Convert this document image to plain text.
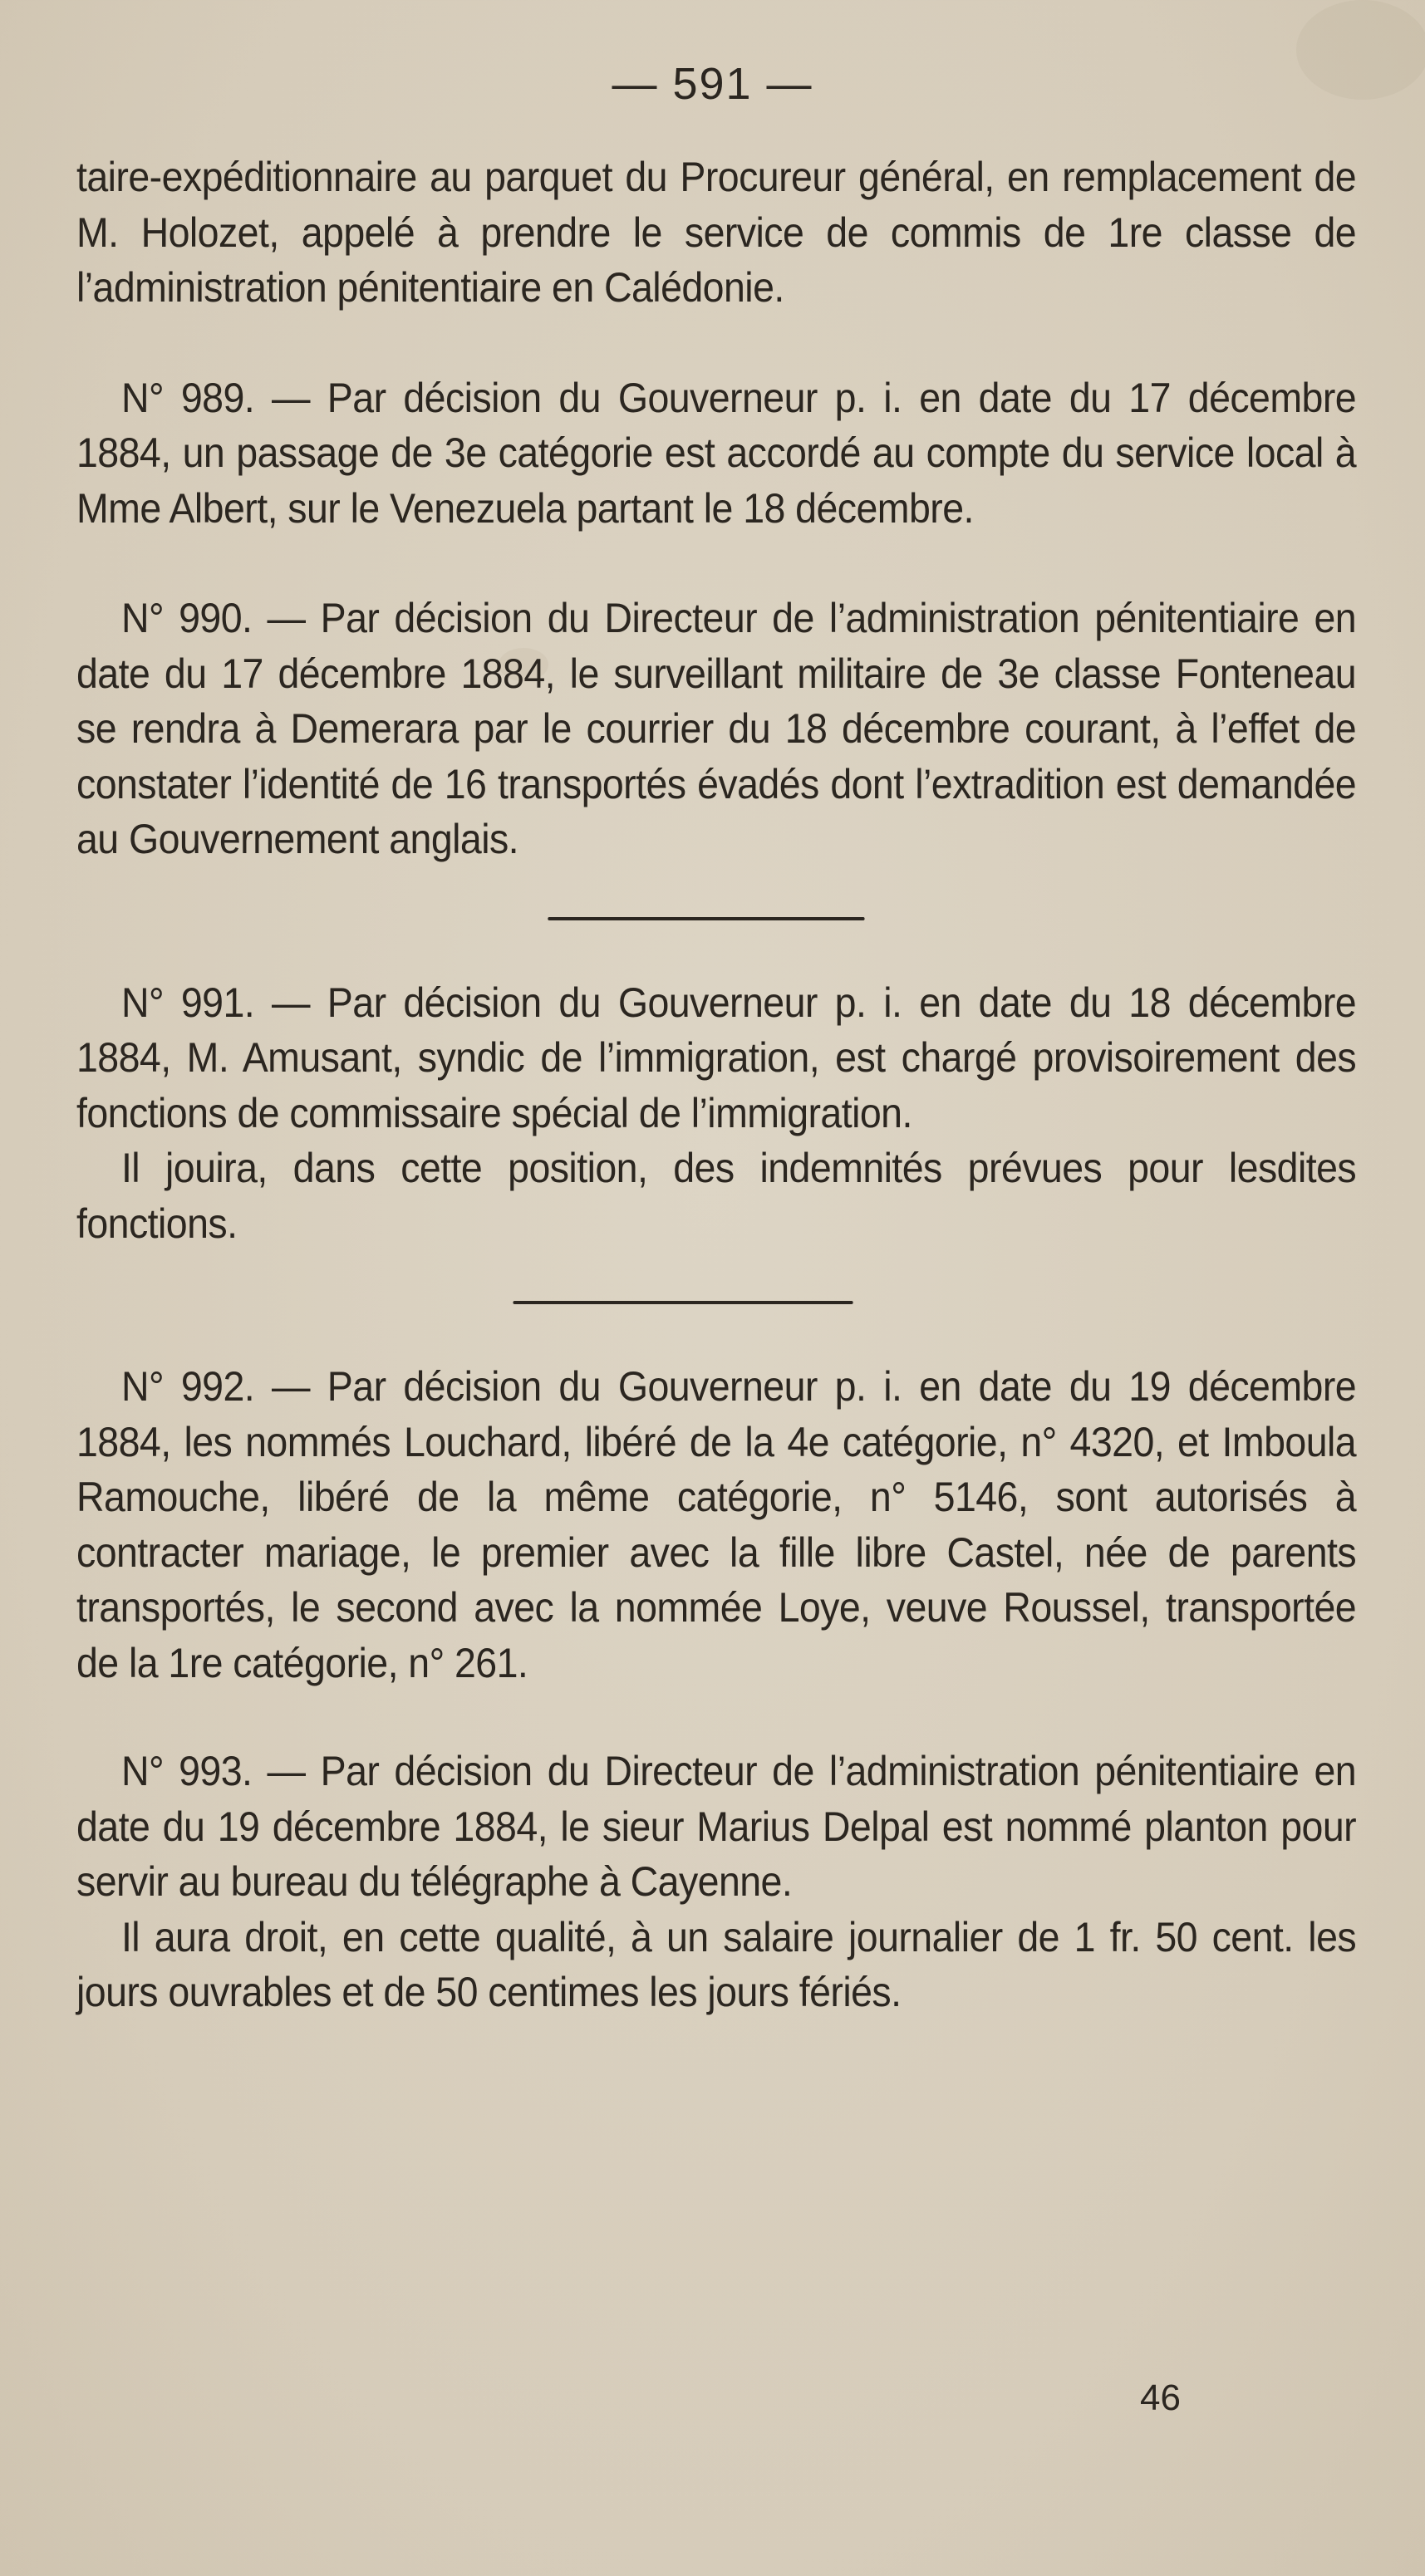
— 591 —

taire-expéditionnaire au parquet du Procureur général, en remplacement de M. Holozet, appelé à prendre le service de commis de 1re classe de l’administration pénitentiaire en Calédonie.

N° 989. — Par décision du Gouverneur p. i. en date du 17 décembre 1884, un passage de 3e catégorie est accordé au compte du service local à Mme Albert, sur le Venezuela partant le 18 décembre.

N° 990. — Par décision du Directeur de l’administration pénitentiaire en date du 17 décembre 1884, le surveillant militaire de 3e classe Fonteneau se rendra à Demerara par le courrier du 18 décembre courant, à l’effet de constater l’identité de 16 transportés évadés dont l’extradition est demandée au Gouvernement anglais.

N° 991. — Par décision du Gouverneur p. i. en date du 18 décembre 1884, M. Amusant, syndic de l’immigration, est chargé provisoirement des fonctions de commissaire spécial de l’immigration.

Il jouira, dans cette position, des indemnités prévues pour lesdites fonctions.

N° 992. — Par décision du Gouverneur p. i. en date du 19 décembre 1884, les nommés Louchard, libéré de la 4e catégorie, n° 4320, et Imboula Ramouche, libéré de la même catégorie, n° 5146, sont autorisés à contracter mariage, le premier avec la fille libre Castel, née de parents transportés, le second avec la nommée Loye, veuve Roussel, transportée de la 1re catégorie, n° 261.

N° 993. — Par décision du Directeur de l’administration pénitentiaire en date du 19 décembre 1884, le sieur Marius Delpal est nommé planton pour servir au bureau du télégraphe à Cayenne.

Il aura droit, en cette qualité, à un salaire journalier de 1 fr. 50 cent. les jours ouvrables et de 50 centimes les jours fériés.

46
